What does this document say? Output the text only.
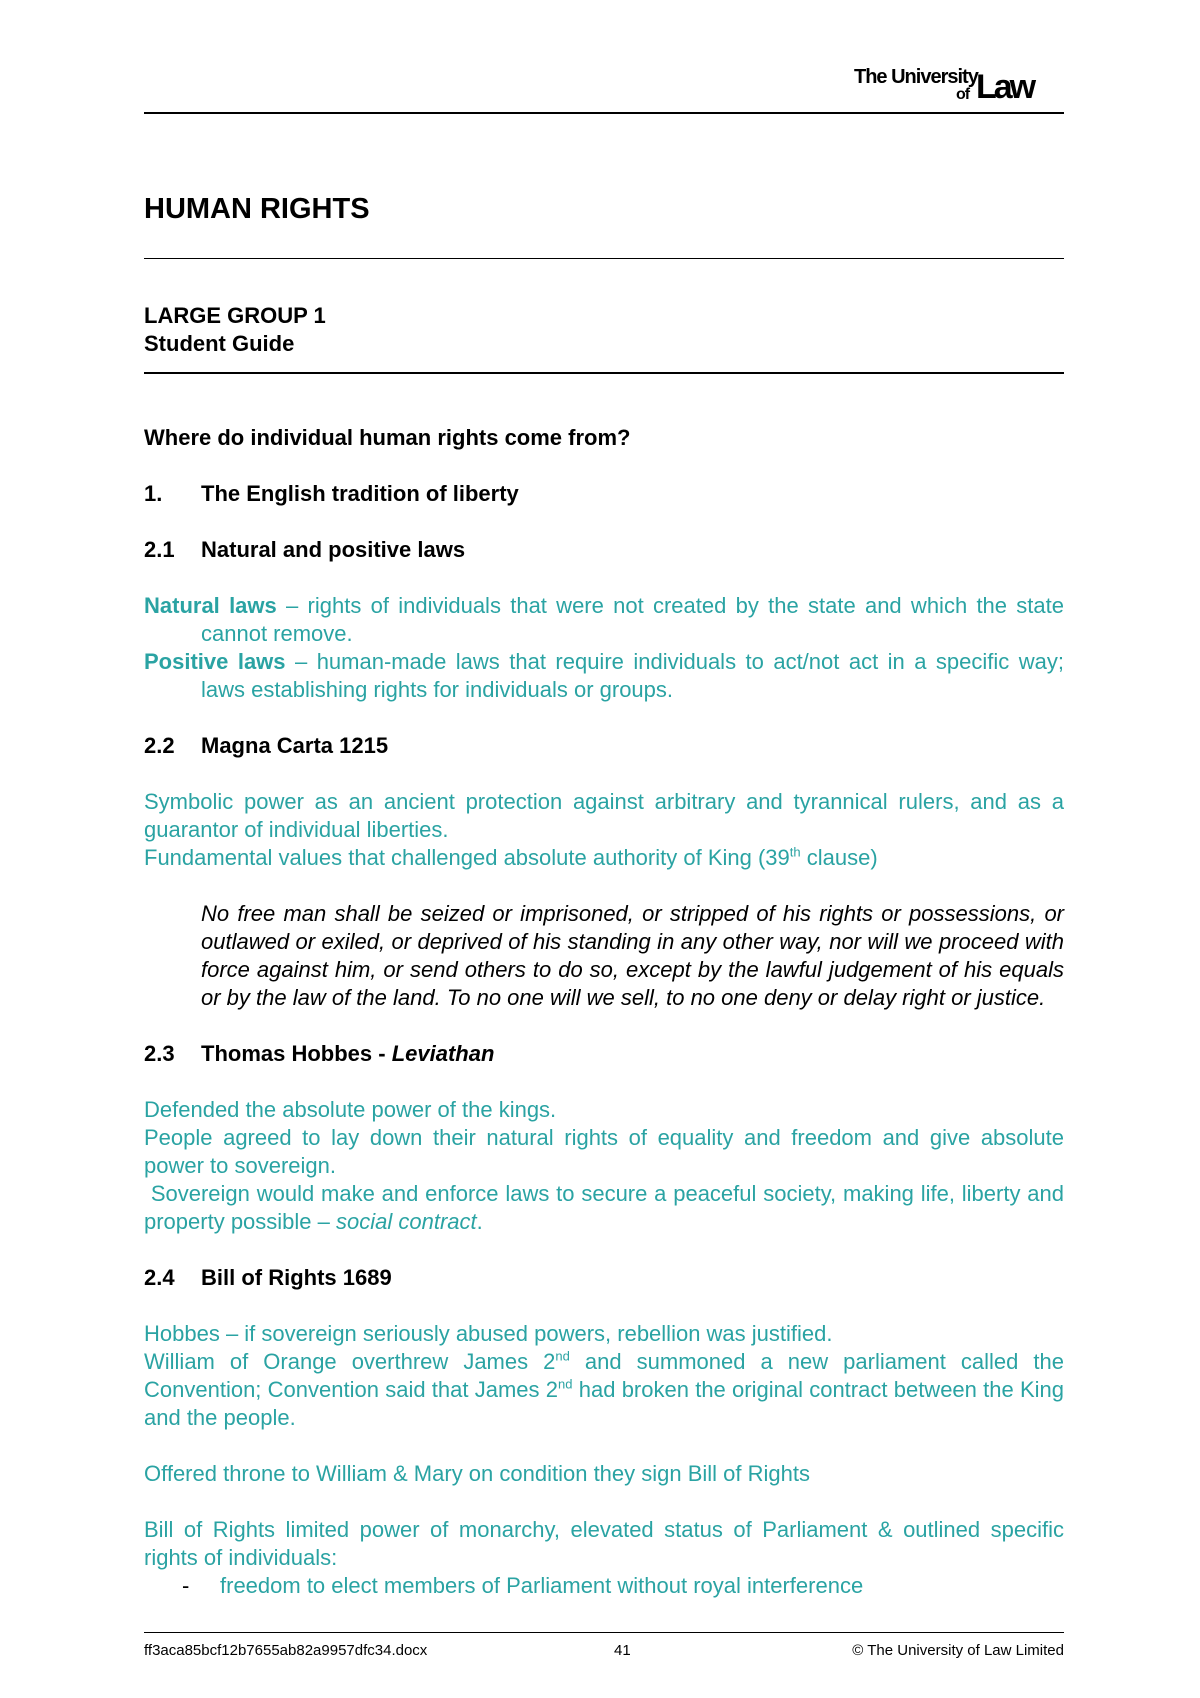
The University
of Law
HUMAN RIGHTS

LARGE GROUP 1

Student Guide

Where do individual human rights come from?

1.	The English tradition of liberty
2.1	Natural and positive laws

Natural laws – rights of individuals that were not created by the state and which the state cannot remove.

Positive laws – human-made laws that require individuals to act/not act in a specific way; laws establishing rights for individuals or groups.

2.2	Magna Carta 1215

Symbolic power as an ancient protection against arbitrary and tyrannical rulers, and as a guarantor of individual liberties.

Fundamental values that challenged absolute authority of King (39th clause)

No free man shall be seized or imprisoned, or stripped of his rights or possessions, or outlawed or exiled, or deprived of his standing in any other way, nor will we proceed with force against him, or send others to do so, except by the lawful judgement of his equals or by the law of the land. To no one will we sell, to no one deny or delay right or justice.

2.3	Thomas Hobbes - Leviathan

Defended the absolute power of the kings.

People agreed to lay down their natural rights of equality and freedom and give absolute power to sovereign.

Sovereign would make and enforce laws to secure a peaceful society, making life, liberty and property possible – social contract.

2.4	Bill of Rights 1689

Hobbes – if sovereign seriously abused powers, rebellion was justified.

William of Orange overthrew James 2nd and summoned a new parliament called the Convention; Convention said that James 2nd had broken the original contract between the King and the people.

Offered throne to William & Mary on condition they sign Bill of Rights

Bill of Rights limited power of monarchy, elevated status of Parliament & outlined specific rights of individuals:

-	freedom to elect members of Parliament without royal interference
ff3aca85bcf12b7655ab82a9957dfc34.docx	41	© The University of Law Limited
